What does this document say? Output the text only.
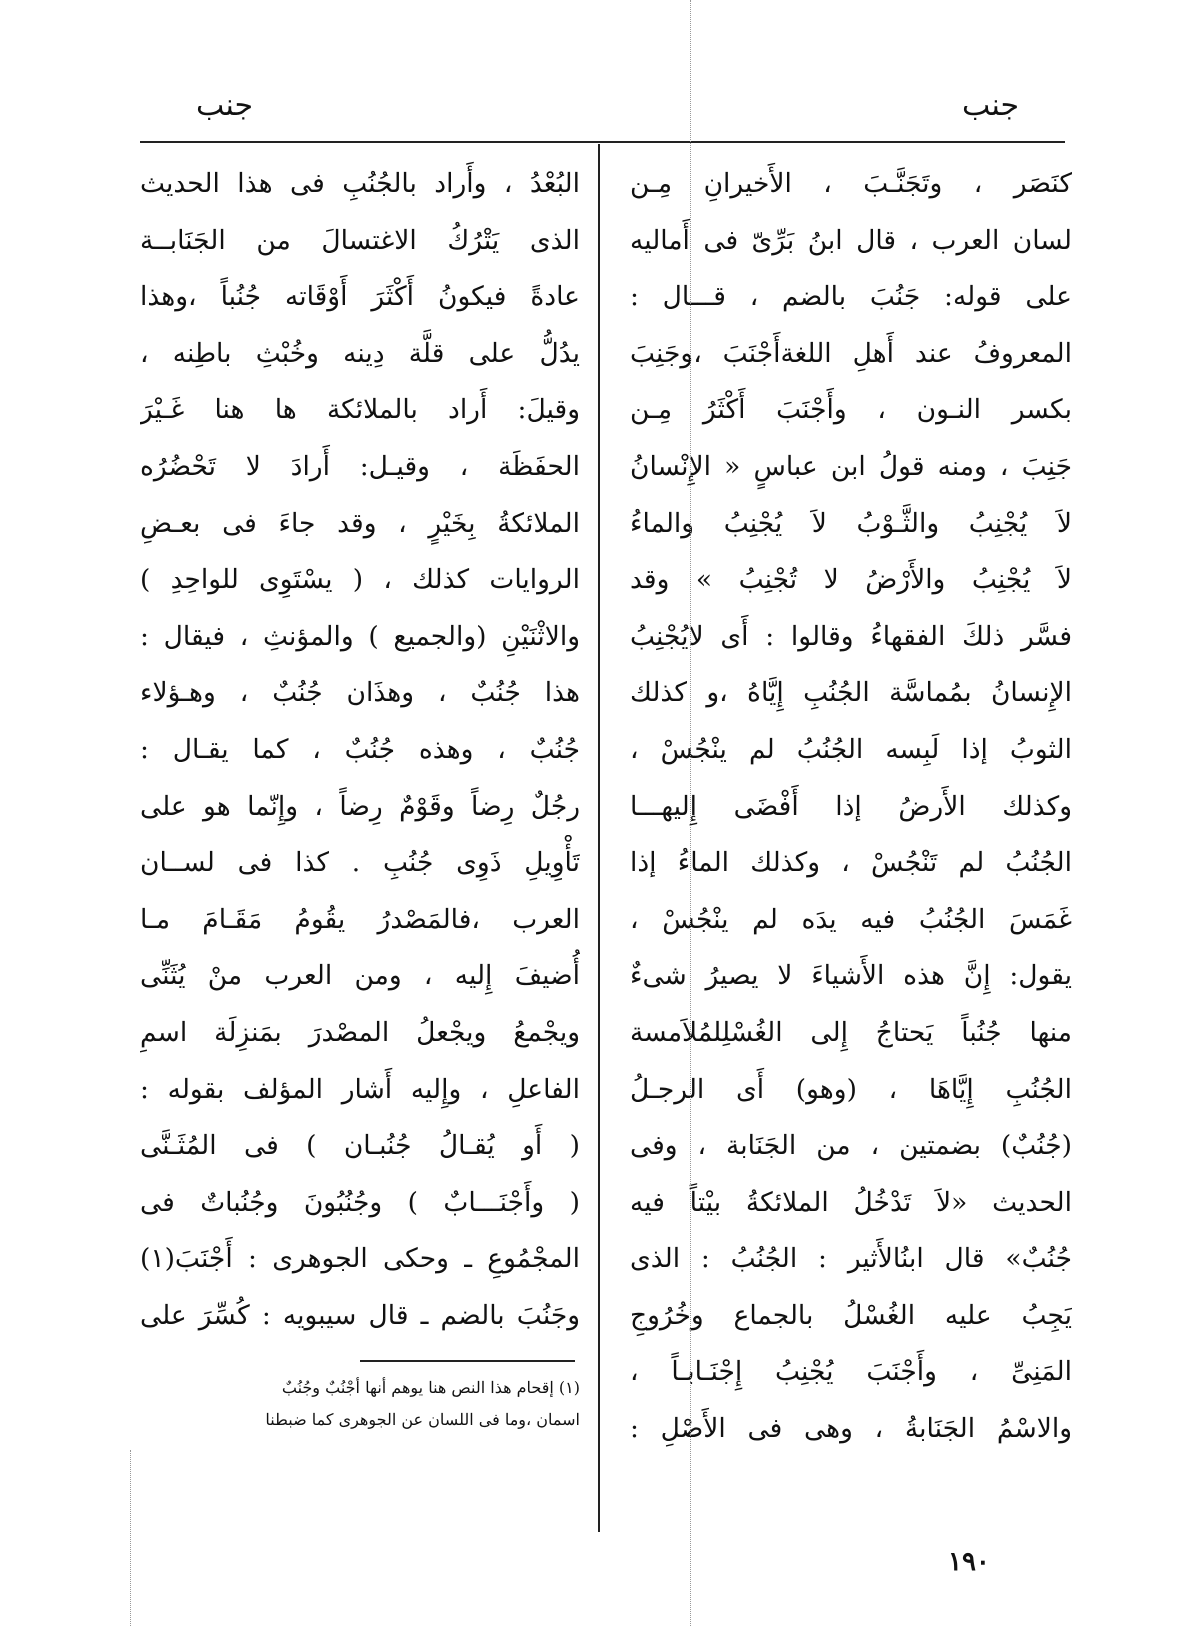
جنب	جنب
كنَصَر ، وتَجَنَّـبَ ، الأَخيرانِ مِـن
لسان العرب ، قال ابنُ بَرِّىّ فى أَماليه
على قوله: جَنُبَ بالضم ، قـــال :
المعروفُ عند أَهلِ اللغةأَجْنَبَ ،وجَنِبَ
بكسر النـون ، وأَجْنَبَ أَكْثَرُ مِـن
جَنِبَ ، ومنه قولُ ابن عباسٍ « الإِنْسانُ
لاَ يُجْنِبُ والثَّـوْبُ لاَ يُجْنِبُ والماءُ
لاَ يُجْنِبُ والأَرْضُ لا تُجْنِبُ » وقد
فسَّر ذلكَ الفقهاءُ وقالوا : أَى لايُجْنِبُ
الإِنسانُ بمُماسَّة الجُنُبِ إِيَّاهُ ،و كذلك
الثوبُ إذا لَبِسه الجُنُبُ لم ينْجُسْ ،
وكذلك الأَرضُ إذا أَفْضَى إِليهـــا
الجُنُبُ لم تَنْجُسْ ، وكذلك الماءُ إذا
غَمَسَ الجُنُبُ فيه يدَه لم ينْجُسْ ،
يقول: إِنَّ هذه الأَشياءَ لا يصيرُ شىءٌ
منها جُنُباً يَحتاجُ إِلى الغُسْلِلمُلاَمسة
الجُنُبِ إِيَّاهَا ، (وهو) أَى الرجـلُ
(جُنُبٌ) بضمتين ، من الجَنَابة ، وفى
الحديث «لاَ تَدْخُلُ الملائكةُ بيْتاً فيه
جُنُبٌ» قال ابنُالأَثير : الجُنُبُ : الذى
يَجِبُ عليه الغُسْلُ بالجماع وخُرُوجِ
المَنِىِّ ، وأَجْنَبَ يُجْنِبُ إِجْنَـابـاً ،
والاسْمُ الجَنَابةُ ، وهى فى الأَصْلِ :
البُعْدُ ، وأَراد بالجُنُبِ فى هذا الحديث
الذى يَتْرُكُ الاغتسالَ من الجَنَابــة
عادةً فيكونُ أَكْثَرَ أَوْقَاته جُنُباً ،وهذا
يدُلُّ على قلَّة دِينه وخُبْثِ باطِنه ،
وقيلَ: أَراد بالملائكة ها هنا غَـيْرَ
الحفَظَة ، وقيـل: أَرادَ لا تَحْضُرُه
الملائكةُ بِخَيْرٍ ، وقد جاءَ فى بعـضِ
الروايات كذلك ، ( يسْتَوِى للواحِدِ )
والاثْنَيْنِ (والجميع ) والمؤنثِ ، فيقال :
هذا جُنُبٌ ، وهذَان جُنُبٌ ، وهـؤلاء
جُنُبٌ ، وهذه جُنُبٌ ، كما يقـال :
رجُلٌ رِضاً وقَوْمٌ رِضاً ، وإِنّما هو على
تَأْوِيلِ ذَوِى جُنُبِ . كذا فى لســان
العرب ،فالمَصْدرُ يقُومُ مَقَـامَ مـا
أُضيفَ إِليه ، ومن العرب منْ يُثَنِّى
ويجْمعُ ويجْعلُ المصْدرَ بمَنزِلَة اسمِ
الفاعلِ ، وإِليه أَشار المؤلف بقوله :
( أَو يُقـالُ جُنُبـان ) فى المُثَـنَّى
( وأَجْنَـــابٌ ) وجُنُبُونَ وجُنُباتٌ فى
المجْمُوعِ ـ وحكى الجوهرى : أَجْنَبَ(١)
وجَنُبَ بالضم ـ قال سيبويه : كُسِّرَ على
(١) إقحام هذا النص هنا يوهم أنها أجْنُبٌ وجُنُبٌ
اسمان ،وما فى اللسان عن الجوهرى كما ضبطنا
١٩٠
